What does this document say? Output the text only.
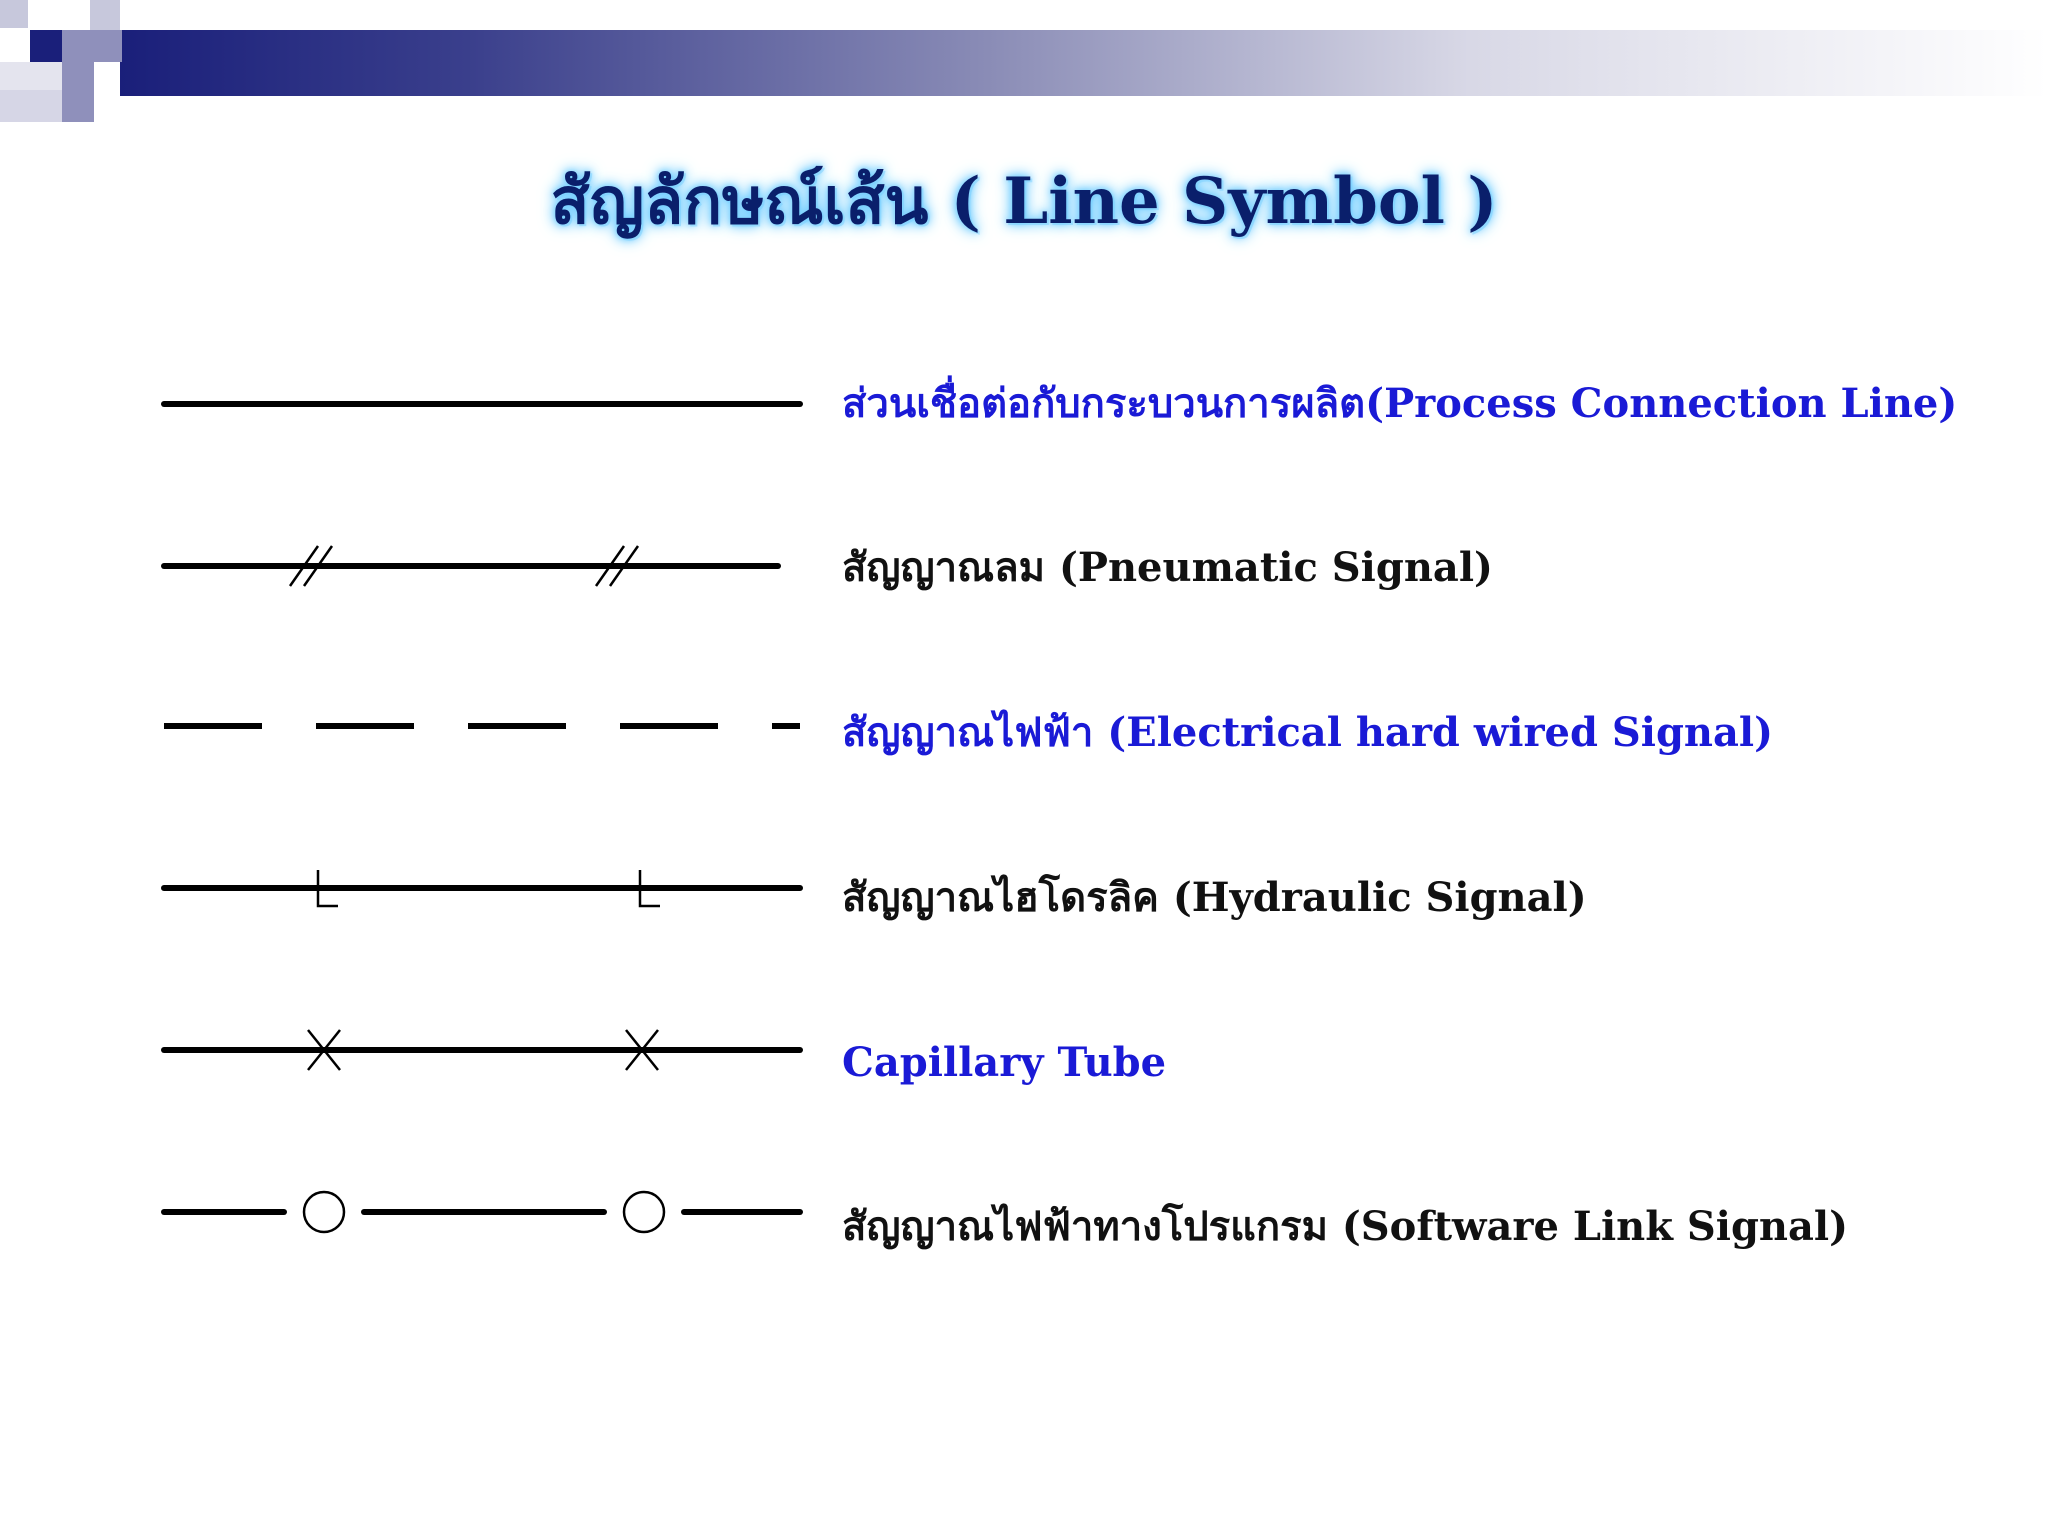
สัญลักษณ์เส้น ( Line Symbol )
ส่วนเชื่อต่อกับกระบวนการผลิต(Process Connection Line)
สัญญาณลม (Pneumatic Signal)
สัญญาณไฟฟ้า (Electrical hard wired Signal)
สัญญาณไฮโดรลิค (Hydraulic Signal)
Capillary Tube
สัญญาณไฟฟ้าทางโปรแกรม (Software Link Signal)
